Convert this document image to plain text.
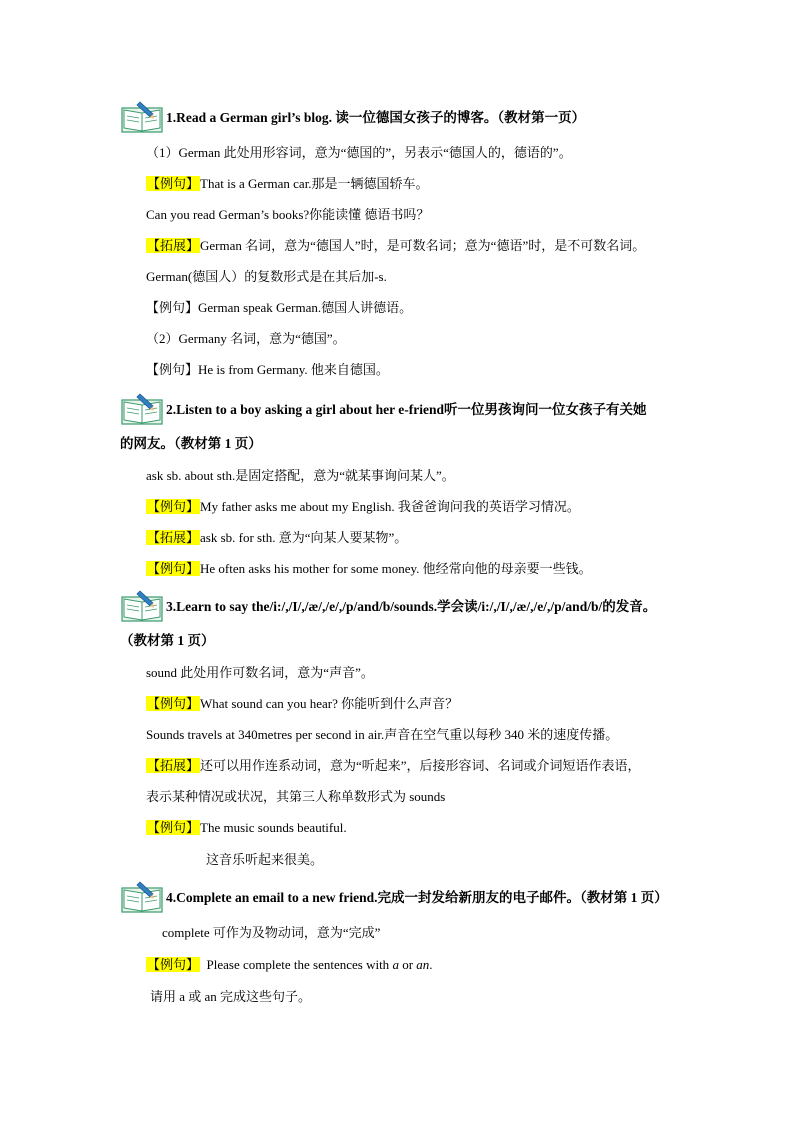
1.Read a German girl’s blog. 读一位德国女孩子的博客。（教材第一页）
（1）German 此处用形容词，意为“德国的”，另表示“德国人的，德语的”。
【例句】That is a German car.那是一辆德国轿车。
Can you read German’s books?你能读懂 德语书吗？
【拓展】German 名词，意为“德国人”时，是可数名词；意为“德语”时，是不可数名词。
German(德国人）的复数形式是在其后加-s.
【例句】German speak German.德国人讲德语。
（2）Germany 名词，意为“德国”。
【例句】He is from Germany. 他来自德国。
2.Listen to a boy asking a girl about her e-friend听一位男孩询问一位女孩子有关她
的网友。（教材第 1 页）
ask sb. about sth.是固定搭配，意为“就某事询问某人”。
【例句】My father asks me about my English. 我爸爸询问我的英语学习情况。
【拓展】ask sb. for sth. 意为“向某人要某物”。
【例句】He often asks his mother for some money. 他经常向他的母亲要一些钱。
3.Learn to say the/i:/,/I/,/æ/,/e/,/p/and/b/sounds.学会读/i:/,/I/,/æ/,/e/,/p/and/b/的发音。
（教材第 1 页）
sound 此处用作可数名词，意为“声音”。
【例句】What sound can you hear? 你能听到什么声音？
Sounds travels at 340metres per second in air.声音在空气重以每秒 340 米的速度传播。
【拓展】还可以用作连系动词，意为“听起来”，后接形容词、名词或介词短语作表语，
表示某种情况或状况，其第三人称单数形式为 sounds
【例句】The music sounds beautiful.
这音乐听起来很美。
4.Complete an email to a new friend.完成一封发给新朋友的电子邮件。（教材第 1 页）
complete 可作为及物动词，意为“完成”
【例句】  Please complete the sentences with a or an.
请用 a 或 an 完成这些句子。
